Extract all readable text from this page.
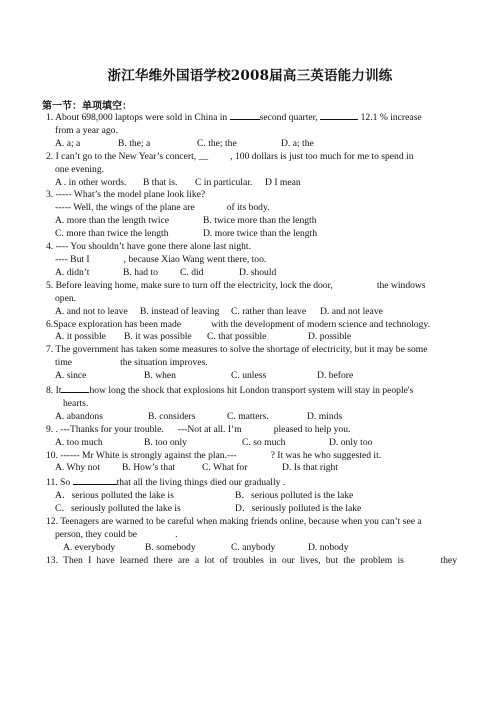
浙江华维外国语学校2008届高三英语能力训练
第一节：单项填空：

1. About 698,000 laptops were sold in China in	second quarter,	12.1 % increase
from a year ago.

A. a; a	B. the; a	C. the; the	D. a; the

2. I can’t go to the New Year’s concert, __ , 100 dollars is just too much for me to spend in
one evening.

A . in other words. B that is. C in particular. D I mean

3. ----- What’s the model plane look like?

----- Well, the wings of the plane are	of its body.

A. more than the length twice	B. twice more than the length

C. more than twice the length	D. more twice than the length

4. ---- You shouldn’t have gone there alone last night.

---- But I	, because Xiao Wang went there, too.

A. didn’t	B. had to C. did	D. should

5. Before leaving home, make sure to turn off the electricity, lock the door,	the windows
open.

A. and not to leave B. instead of leaving C. rather than leave D. and not leave

6.Space exploration has been made	with the development of modern science and technology.

A. it possible B. it was possible C. that possible	D. possible

7. The government has taken some measures to solve the shortage of electricity, but it may be some
time	the situation improves.

A. since	B. when	C. unless	D. before

8. It	how long the shock that explosions hit London transport system will stay in people's
hearts.

A. abandons	B. considers	C. matters.	D. minds

9. . ---Thanks for your trouble. ---Not at all. I’m	pleased to help you.

A. too much	B. too only	C. so much	D. only too

10. ------ Mr White is strongly against the plan.---	? It was he who suggested it.

A. Why not B. How’s that	C. What for	D. Is that right

11. So	that all the living things died our gradually .

A．serious polluted the lake is	B．serious polluted is the lake

C．seriously polluted the lake is	D．seriously polluted is the lake

12. Teenagers are warned to be careful when making friends online, because when you can’t see a
person, they could be	.

A. everybody	B. somebody	C. anybody	D. nobody

13. Then I have learned there are a lot of troubles in our lives, but the problem is	they
